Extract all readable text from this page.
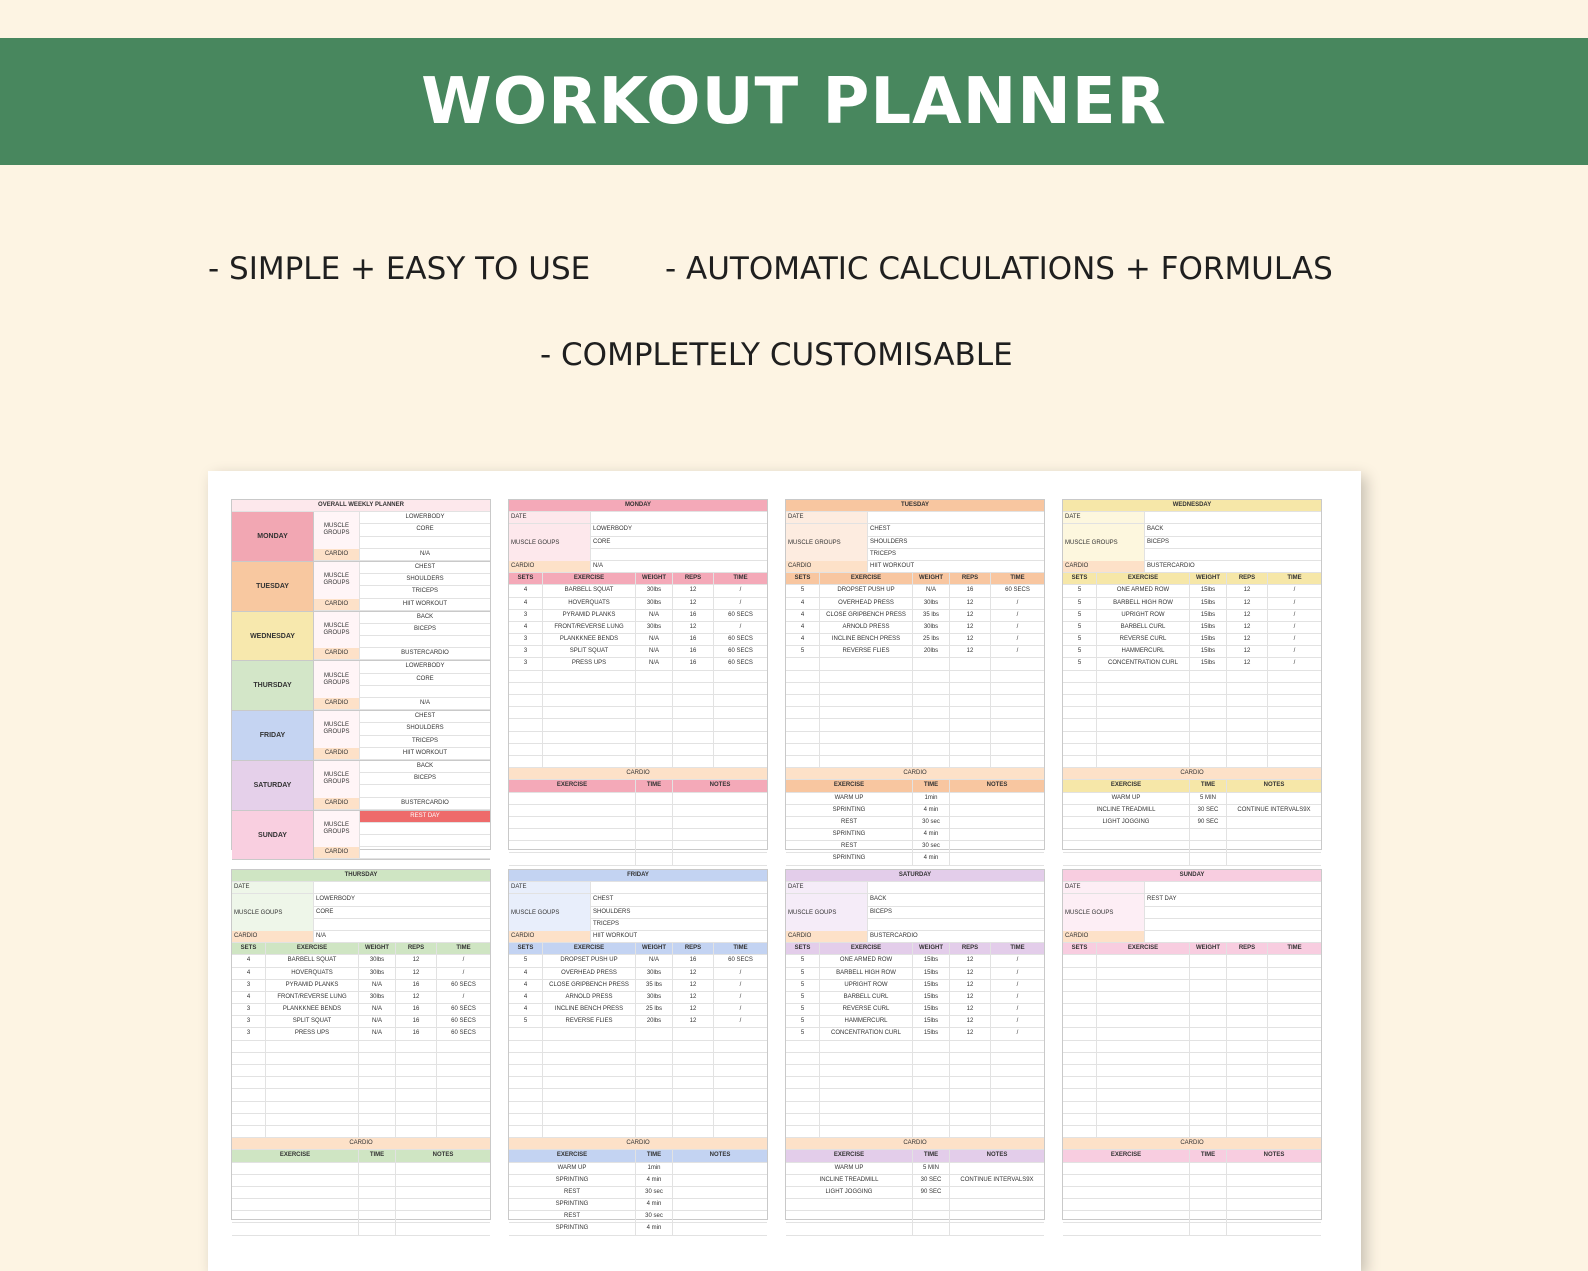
WORKOUT PLANNER
- SIMPLE + EASY TO USE - AUTOMATIC CALCULATIONS + FORMULAS
- COMPLETELY CUSTOMISABLE
OVERALL WEEKLY PLANNER
MONDAY
MUSCLE GROUPS
LOWERBODY
CORE
CARDIO	N/A
TUESDAY
MUSCLE GROUPS
CHEST
SHOULDERS
TRICEPS
CARDIO	HIIT WORKOUT
WEDNESDAY
MUSCLE GROUPS
BACK
BICEPS
CARDIO	BUSTERCARDIO
THURSDAY
MUSCLE GROUPS
LOWERBODY
CORE
CARDIO	N/A
FRIDAY
MUSCLE GROUPS
CHEST
SHOULDERS
TRICEPS
CARDIO	HIIT WORKOUT
SATURDAY
MUSCLE GROUPS
BACK
BICEPS
CARDIO	BUSTERCARDIO
SUNDAY
MUSCLE GROUPS
REST DAY
CARDIO
MONDAY
DATE
MUSCLE GOUPS
LOWERBODY
CORE
CARDIO	N/A
SETS	EXERCISE	WEIGHT	REPS	TIME
4	BARBELL SQUAT	30lbs	12	/
4	HOVERQUATS	30lbs	12	/
3	PYRAMID PLANKS	N/A	16	60 SECS
4	FRONT/REVERSE LUNG	30lbs	12	/
3	PLANKKNEE BENDS	N/A	16	60 SECS
3	SPLIT SQUAT	N/A	16	60 SECS
3	PRESS UPS	N/A	16	60 SECS
CARDIO
EXERCISE	TIME	NOTES
TUESDAY
DATE
MUSCLE GROUPS
CHEST
SHOULDERS
TRICEPS
CARDIO	HIIT WORKOUT
SETS	EXERCISE	WEIGHT	REPS	TIME
5	DROPSET PUSH UP	N/A	16	60 SECS
4	OVERHEAD PRESS	30lbs	12	/
4	CLOSE GRIPBENCH PRESS	35 lbs	12	/
4	ARNOLD PRESS	30lbs	12	/
4	INCLINE BENCH PRESS	25 lbs	12	/
5	REVERSE FLIES	20lbs	12	/
CARDIO
EXERCISE	TIME	NOTES
WARM UP	1min
SPRINTING	4 min
REST	30 sec
SPRINTING	4 min
REST	30 sec
SPRINTING	4 min
WEDNESDAY
DATE
MUSCLE GROUPS
BACK
BICEPS
CARDIO	BUSTERCARDIO
SETS	EXERCISE	WEIGHT	REPS	TIME
5	ONE ARMED ROW	15lbs	12	/
5	BARBELL HIGH ROW	15lbs	12	/
5	UPRIGHT ROW	15lbs	12	/
5	BARBELL CURL	15lbs	12	/
5	REVERSE CURL	15lbs	12	/
5	HAMMERCURL	15lbs	12	/
5	CONCENTRATION CURL	15lbs	12	/
CARDIO
EXERCISE	TIME	NOTES
WARM UP	5 MIN
INCLINE TREADMILL	30 SEC	CONTINUE INTERVALS9X
LIGHT JOGGING	90 SEC
THURSDAY
DATE
MUSCLE GOUPS
LOWERBODY
CORE
CARDIO	N/A
SETS	EXERCISE	WEIGHT	REPS	TIME
4	BARBELL SQUAT	30lbs	12	/
4	HOVERQUATS	30lbs	12	/
3	PYRAMID PLANKS	N/A	16	60 SECS
4	FRONT/REVERSE LUNG	30lbs	12	/
3	PLANKKNEE BENDS	N/A	16	60 SECS
3	SPLIT SQUAT	N/A	16	60 SECS
3	PRESS UPS	N/A	16	60 SECS
CARDIO
EXERCISE	TIME	NOTES
FRIDAY
DATE
MUSCLE GOUPS
CHEST
SHOULDERS
TRICEPS
CARDIO	HIIT WORKOUT
SETS	EXERCISE	WEIGHT	REPS	TIME
5	DROPSET PUSH UP	N/A	16	60 SECS
4	OVERHEAD PRESS	30lbs	12	/
4	CLOSE GRIPBENCH PRESS	35 lbs	12	/
4	ARNOLD PRESS	30lbs	12	/
4	INCLINE BENCH PRESS	25 lbs	12	/
5	REVERSE FLIES	20lbs	12	/
CARDIO
EXERCISE	TIME	NOTES
WARM UP	1min
SPRINTING	4 min
REST	30 sec
SPRINTING	4 min
REST	30 sec
SPRINTING	4 min
SATURDAY
DATE
MUSCLE GOUPS
BACK
BICEPS
CARDIO	BUSTERCARDIO
SETS	EXERCISE	WEIGHT	REPS	TIME
5	ONE ARMED ROW	15lbs	12	/
5	BARBELL HIGH ROW	15lbs	12	/
5	UPRIGHT ROW	15lbs	12	/
5	BARBELL CURL	15lbs	12	/
5	REVERSE CURL	15lbs	12	/
5	HAMMERCURL	15lbs	12	/
5	CONCENTRATION CURL	15lbs	12	/
CARDIO
EXERCISE	TIME	NOTES
WARM UP	5 MIN
INCLINE TREADMILL	30 SEC	CONTINUE INTERVALS9X
LIGHT JOGGING	90 SEC
SUNDAY
DATE
MUSCLE GOUPS
REST DAY
CARDIO
SETS	EXERCISE	WEIGHT	REPS	TIME
CARDIO
EXERCISE	TIME	NOTES
